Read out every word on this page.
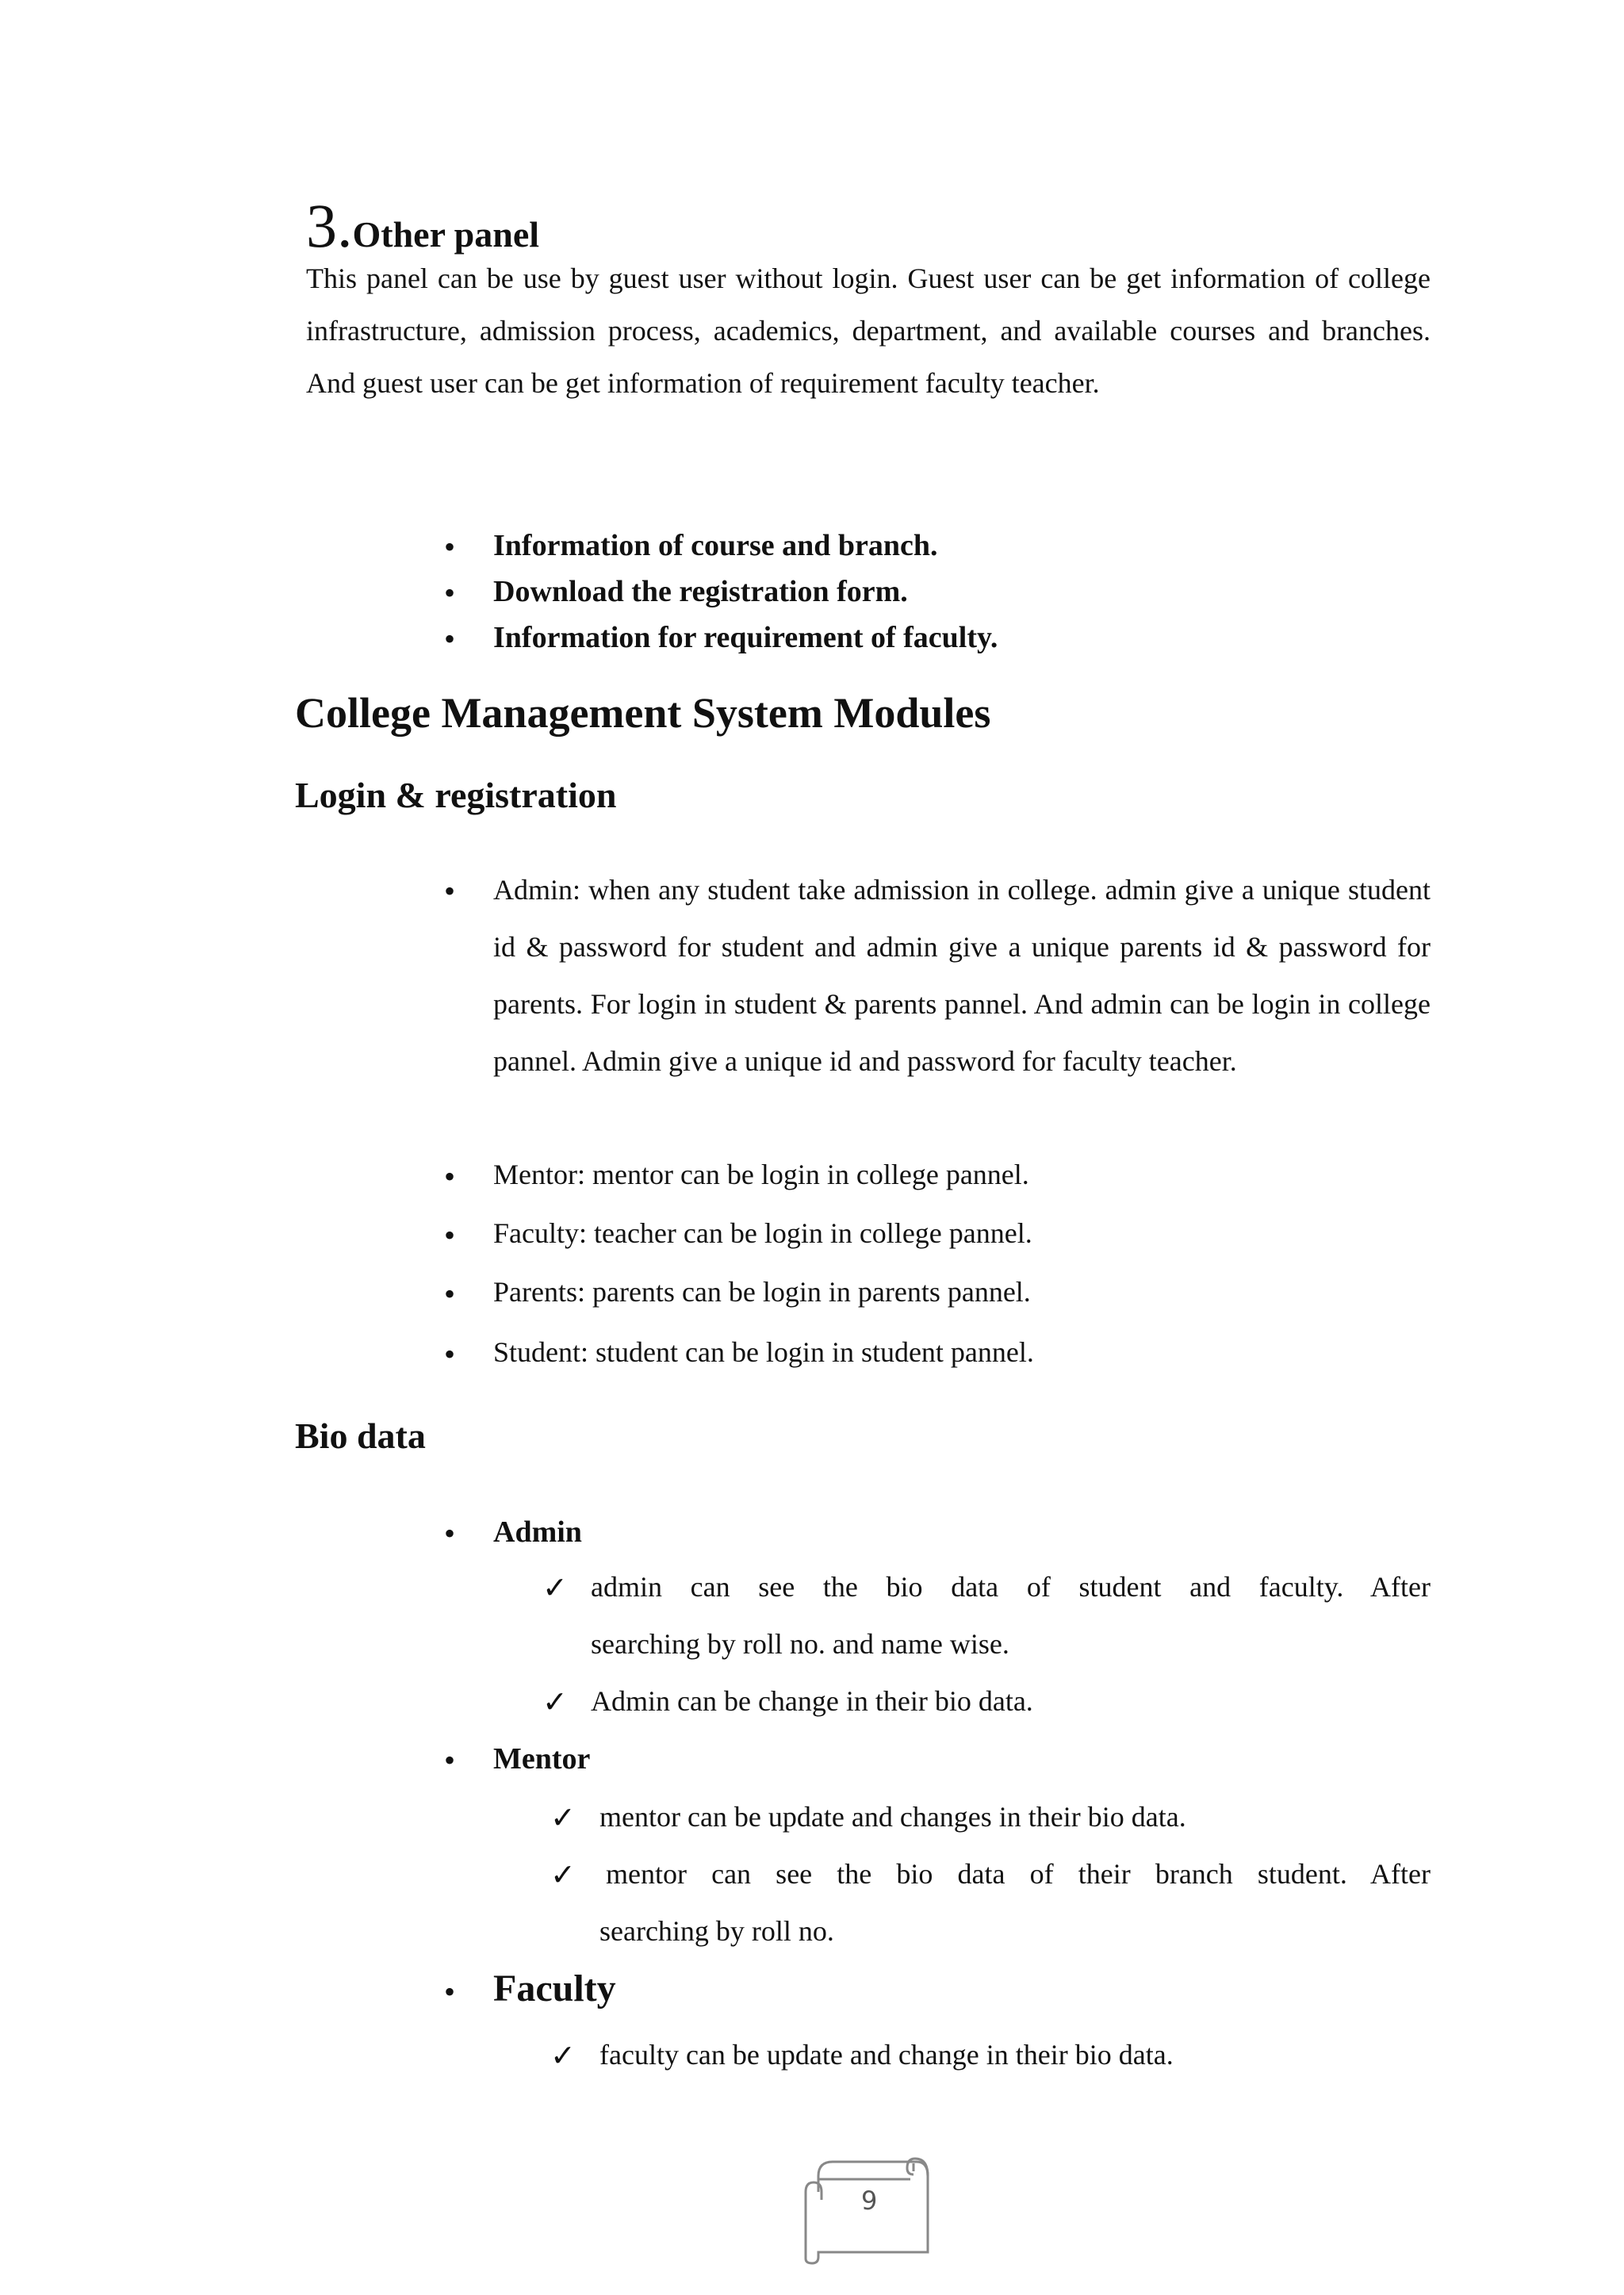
3.Other panel

This panel can be use by guest user without login. Guest user can be get information of college infrastructure, admission process, academics, department, and available courses and branches. And guest user can be get information of requirement faculty teacher.

• Information of course and branch.
• Download the registration form.
• Information for requirement of faculty.
College Management System Modules
Login & registration
• Admin: when any student take admission in college. admin give a unique student id & password for student and admin give a unique parents id & password for parents. For login in student & parents pannel. And admin can be login in college pannel. Admin give a unique id and password for faculty teacher.

• Mentor: mentor can be login in college pannel.
• Faculty: teacher can be login in college pannel.
• Parents: parents can be login in parents pannel.
• Student: student can be login in student pannel.
Bio data
• Admin
✓ admin can see the bio data of student and faculty. After
searching by roll no. and name wise.
✓ Admin can be change in their bio data.
• Mentor
✓ mentor can be update and changes in their bio data.
✓ mentor can see the bio data of their branch student. After
searching by roll no.
• Faculty
✓ faculty can be update and change in their bio data.
9
